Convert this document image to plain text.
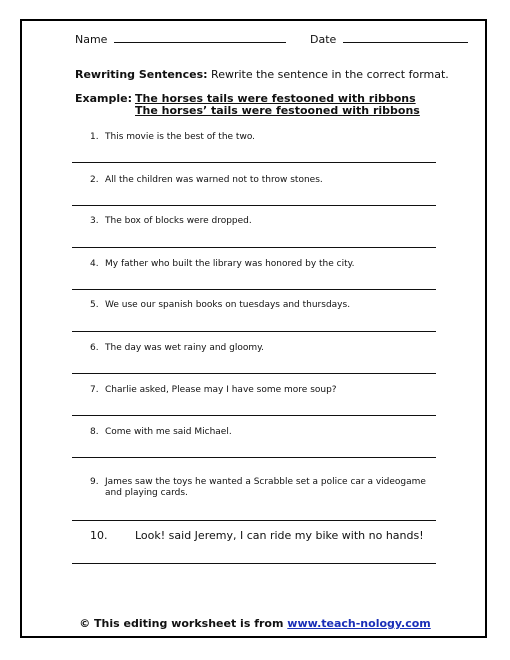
Name	Date
Rewriting Sentences: Rewrite the sentence in the correct format.
Example: The horses tails were festooned with ribbons
The horses’ tails were festooned with ribbons
1. This movie is the best of the two.
2. All the children was warned not to throw stones.
3. The box of blocks were dropped.
4. My father who built the library was honored by the city.
5. We use our spanish books on tuesdays and thursdays.
6. The day was wet rainy and gloomy.
7. Charlie asked, Please may I have some more soup?
8. Come with me said Michael.
9. James saw the toys he wanted a Scrabble set a police car a videogame
and playing cards.
10.	Look! said Jeremy, I can ride my bike with no hands!
© This editing worksheet is from www.teach-nology.com
